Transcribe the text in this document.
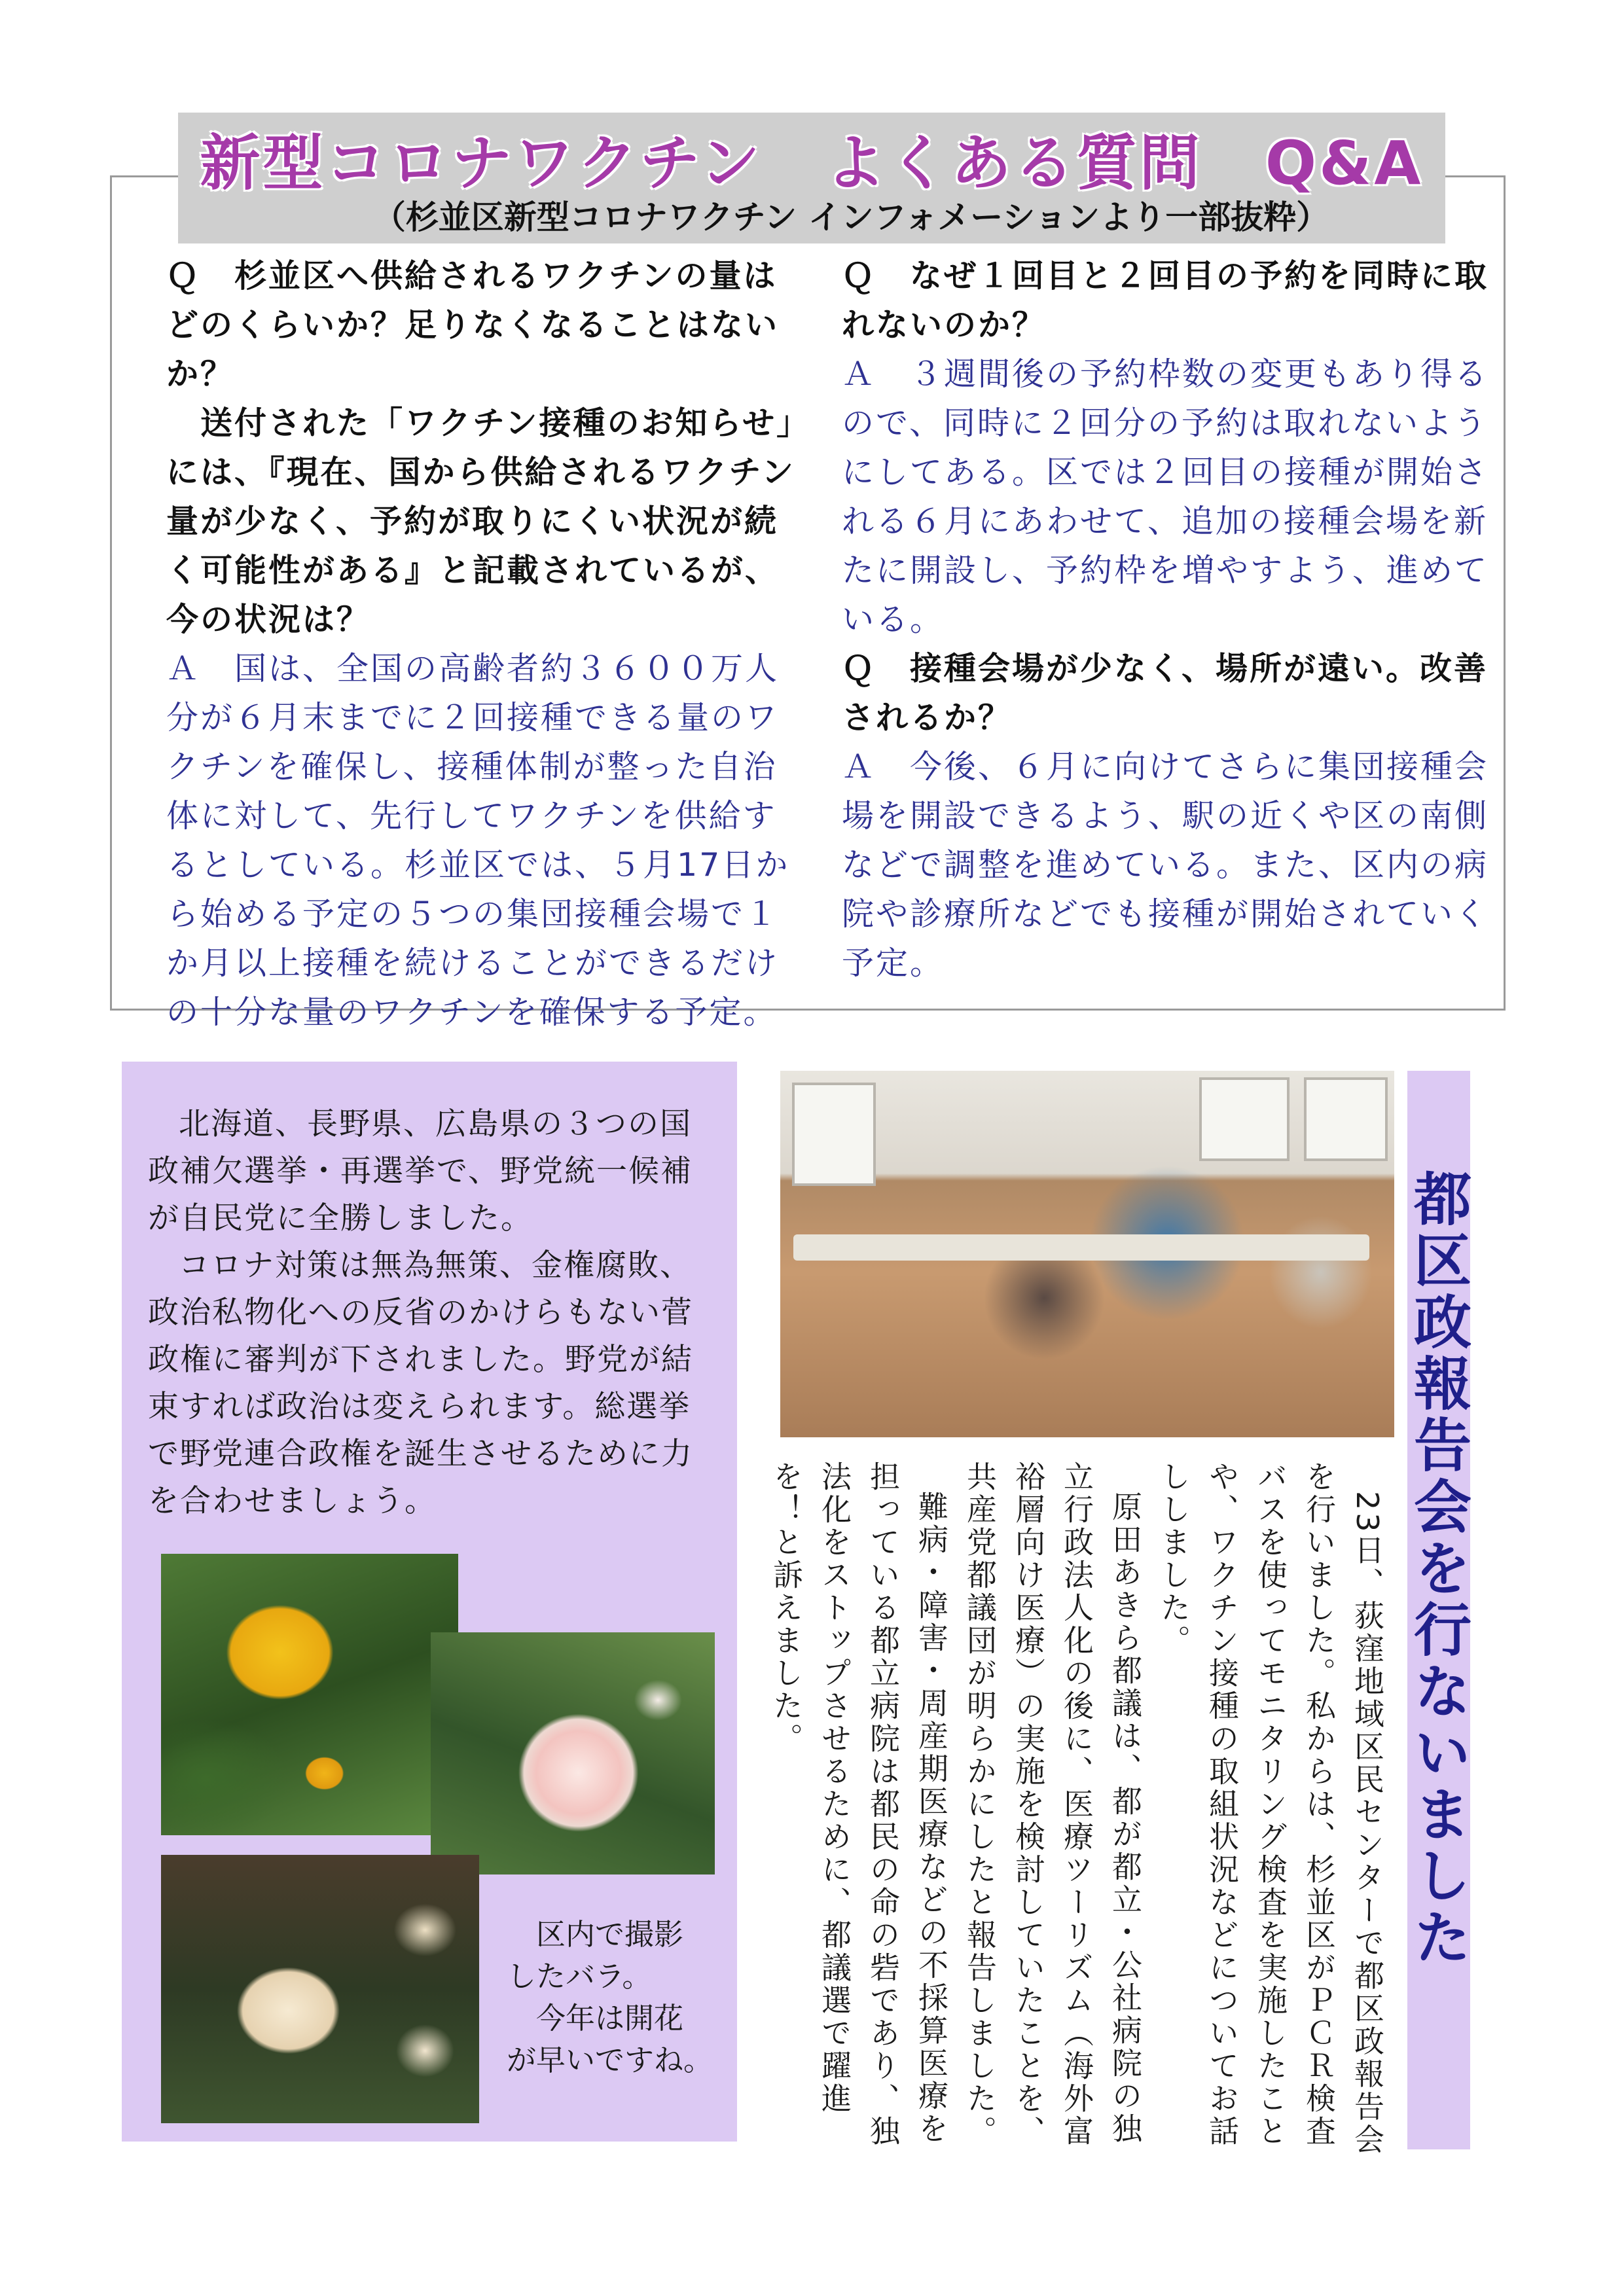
新型コロナワクチン　よくある質問　Q&A
（杉並区新型コロナワクチン インフォメーションより一部抜粋）

Ｑ　杉並区へ供給されるワクチンの量はどのくらいか？足りなくなることはないか？

　送付された「ワクチン接種のお知らせ」には、『現在、国から供給されるワクチン量が少なく、予約が取りにくい状況が続く可能性がある』と記載されているが、今の状況は？

Ａ　国は、全国の高齢者約３６００万人分が６月末までに２回接種できる量のワクチンを確保し、接種体制が整った自治体に対して、先行してワクチンを供給するとしている。杉並区では、５月17日から始める予定の５つの集団接種会場で１か月以上接種を続けることができるだけの十分な量のワクチンを確保する予定。

Ｑ　なぜ１回目と２回目の予約を同時に取れないのか？

Ａ　３週間後の予約枠数の変更もあり得るので、同時に２回分の予約は取れないようにしてある。区では２回目の接種が開始される６月にあわせて、追加の接種会場を新たに開設し、予約枠を増やすよう、進めている。

Ｑ　接種会場が少なく、場所が遠い。改善されるか？

Ａ　今後、６月に向けてさらに集団接種会場を開設できるよう、駅の近くや区の南側などで調整を進めている。また、区内の病院や診療所などでも接種が開始されていく予定。

北海道、長野県、広島県の３つの国政補欠選挙・再選挙で、野党統一候補が自民党に全勝しました。

コロナ対策は無為無策、金権腐敗、政治私物化への反省のかけらもない菅政権に審判が下されました。野党が結束すれば政治は変えられます。総選挙で野党連合政権を誕生させるために力を合わせましょう。

　区内で撮影
したバラ。
　今年は開花
が早いですね。
都区政報告会を行ないました

23日、荻窪地域区民センターで都区政報告会を行いました。私からは、杉並区がＰＣＲ検査バスを使ってモニタリング検査を実施したことや、ワクチン接種の取組状況などについてお話ししました。

原田あきら都議は、都が都立・公社病院の独立行政法人化の後に、医療ツーリズム（海外富裕層向け医療）の実施を検討していたことを、共産党都議団が明らかにしたと報告しました。

難病・障害・周産期医療などの不採算医療を担っている都立病院は都民の命の砦であり、独法化をストップさせるために、都議選で躍進を！と訴えました。
